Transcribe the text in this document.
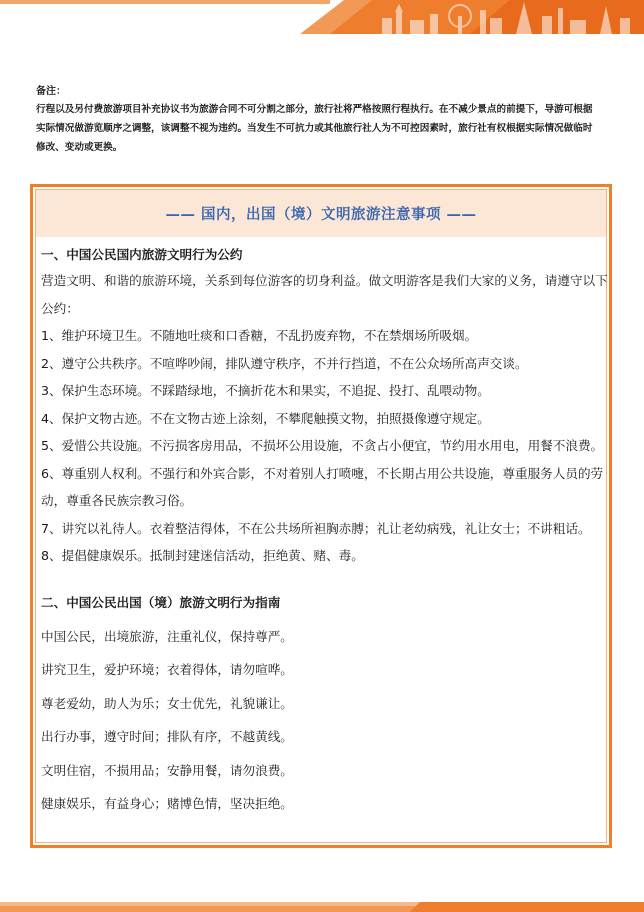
备注：

行程以及另付费旅游项目补充协议书为旅游合同不可分割之部分，旅行社将严格按照行程执行。在不减少景点的前提下，导游可根据
实际情况做游览顺序之调整，该调整不视为违约。当发生不可抗力或其他旅行社人为不可控因素时，旅行社有权根据实际情况做临时
修改、变动或更换。

—— 国内，出国（境）文明旅游注意事项 ——

一、中国公民国内旅游文明行为公约

营造文明、和谐的旅游环境，关系到每位游客的切身利益。做文明游客是我们大家的义务，请遵守以下公约：

1、维护环境卫生。不随地吐痰和口香糖，不乱扔废弃物，不在禁烟场所吸烟。

2、遵守公共秩序。不喧哗吵闹，排队遵守秩序，不并行挡道，不在公众场所高声交谈。

3、保护生态环境。不踩踏绿地，不摘折花木和果实，不追捉、投打、乱喂动物。

4、保护文物古迹。不在文物古迹上涂刻，不攀爬触摸文物，拍照摄像遵守规定。

5、爱惜公共设施。不污损客房用品，不损坏公用设施，不贪占小便宜，节约用水用电，用餐不浪费。

6、尊重别人权利。不强行和外宾合影，不对着别人打喷嚏，不长期占用公共设施，尊重服务人员的劳动，尊重各民族宗教习俗。

7、讲究以礼待人。衣着整洁得体，不在公共场所袒胸赤膊；礼让老幼病残，礼让女士；不讲粗话。

8、提倡健康娱乐。抵制封建迷信活动，拒绝黄、赌、毒。

二、中国公民出国（境）旅游文明行为指南

中国公民，出境旅游，注重礼仪，保持尊严。

讲究卫生，爱护环境；衣着得体，请勿喧哗。

尊老爱幼，助人为乐；女士优先，礼貌谦让。

出行办事，遵守时间；排队有序，不越黄线。

文明住宿，不损用品；安静用餐，请勿浪费。

健康娱乐，有益身心；赌博色情，坚决拒绝。
